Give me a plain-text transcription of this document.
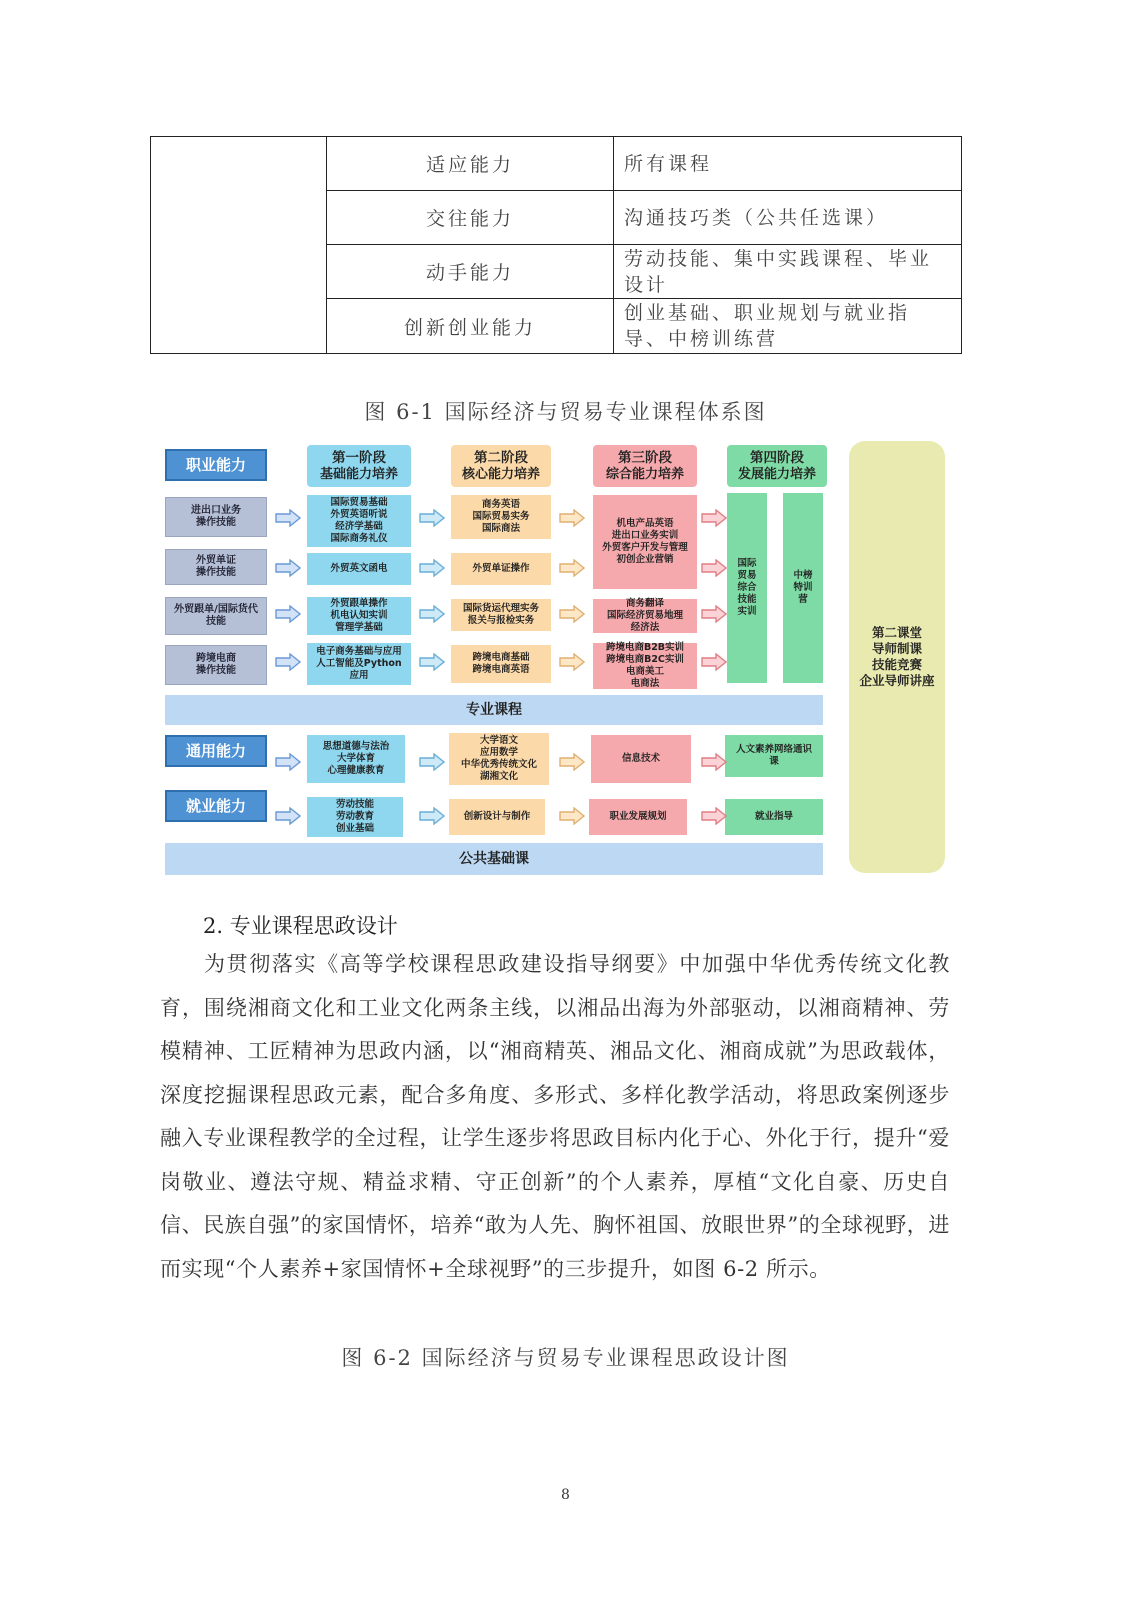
	适应能力	所有课程
	交往能力	沟通技巧类（公共任选课）
	动手能力	劳动技能、集中实践课程、毕业设计
	创新创业能力	创业基础、职业规划与就业指导、中榜训练营
图 6-1 国际经济与贸易专业课程体系图
职业能力
进出口业务
操作技能
外贸单证
操作技能
外贸跟单/国际货代
技能
跨境电商
操作技能
第一阶段
基础能力培养
第二阶段
核心能力培养
第三阶段
综合能力培养
第四阶段
发展能力培养
国际贸易基础
外贸英语听说
经济学基础
国际商务礼仪
外贸英文函电
外贸跟单操作
机电认知实训
管理学基础
电子商务基础与应用
人工智能及Python
应用
商务英语
国际贸易实务
国际商法
外贸单证操作
国际货运代理实务
报关与报检实务
跨境电商基础
跨境电商英语
机电产品英语
进出口业务实训
外贸客户开发与管理
初创企业营销
商务翻译
国际经济贸易地理
经济法
跨境电商B2B实训
跨境电商B2C实训
电商美工
电商法
国际
贸易
综合
技能
实训
中榜
特训
营
专业课程
通用能力	思想道德与法治
大学体育
心理健康教育
大学语文
应用数学
中华优秀传统文化
湖湘文化
信息技术
人文素养网络通识
课
就业能力	劳动技能
劳动教育
创业基础
创新设计与制作	职业发展规划	就业指导
公共基础课
第二课堂
导师制课
技能竞赛
企业导师讲座
2. 专业课程思政设计
为贯彻落实《高等学校课程思政建设指导纲要》中加强中华优秀传统文化教育，围绕湘商文化和工业文化两条主线，以湘品出海为外部驱动，以湘商精神、劳模精神、工匠精神为思政内涵，以“湘商精英、湘品文化、湘商成就”为思政载体，深度挖掘课程思政元素，配合多角度、多形式、多样化教学活动，将思政案例逐步融入专业课程教学的全过程，让学生逐步将思政目标内化于心、外化于行，提升“爱岗敬业、遵法守规、精益求精、守正创新”的个人素养，厚植“文化自豪、历史自信、民族自强”的家国情怀，培养“敢为人先、胸怀祖国、放眼世界”的全球视野，进而实现“个人素养+家国情怀+全球视野”的三步提升，如图 6-2 所示。
图 6-2 国际经济与贸易专业课程思政设计图
8
